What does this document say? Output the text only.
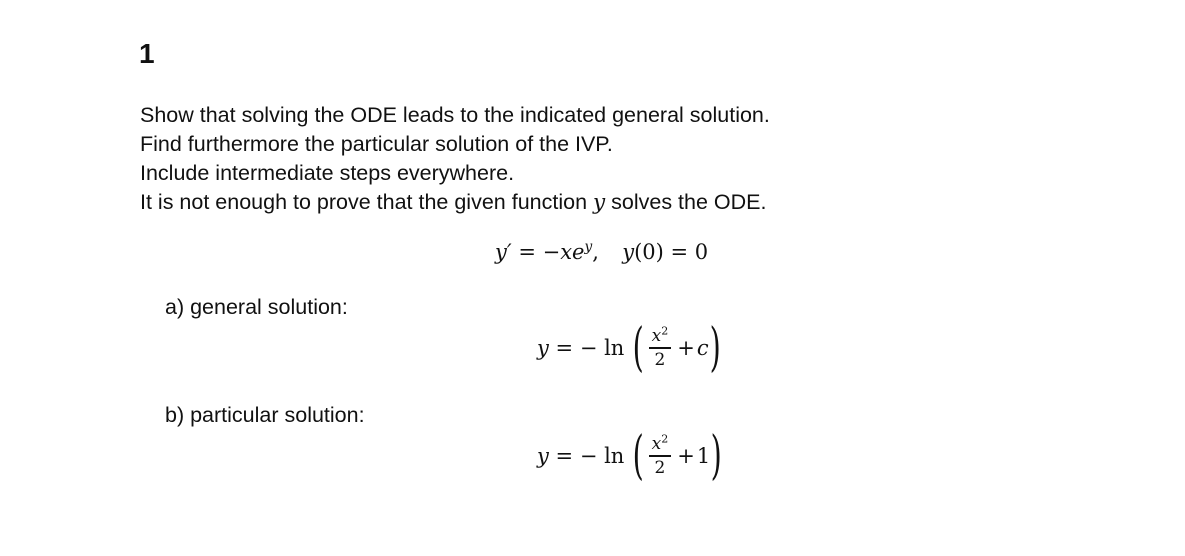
1
Show that solving the ODE leads to the indicated general solution.
Find furthermore the particular solution of the IVP.
Include intermediate steps everywhere.
It is not enough to prove that the given function y solves the ODE.
$y' = -xe^y$, y(0) = 0
a) general solution:
y = − ln ( $\frac{x^2}{2} + c$ )
b) particular solution:
y = − ln ( $\frac{x^2}{2} + 1$ )
